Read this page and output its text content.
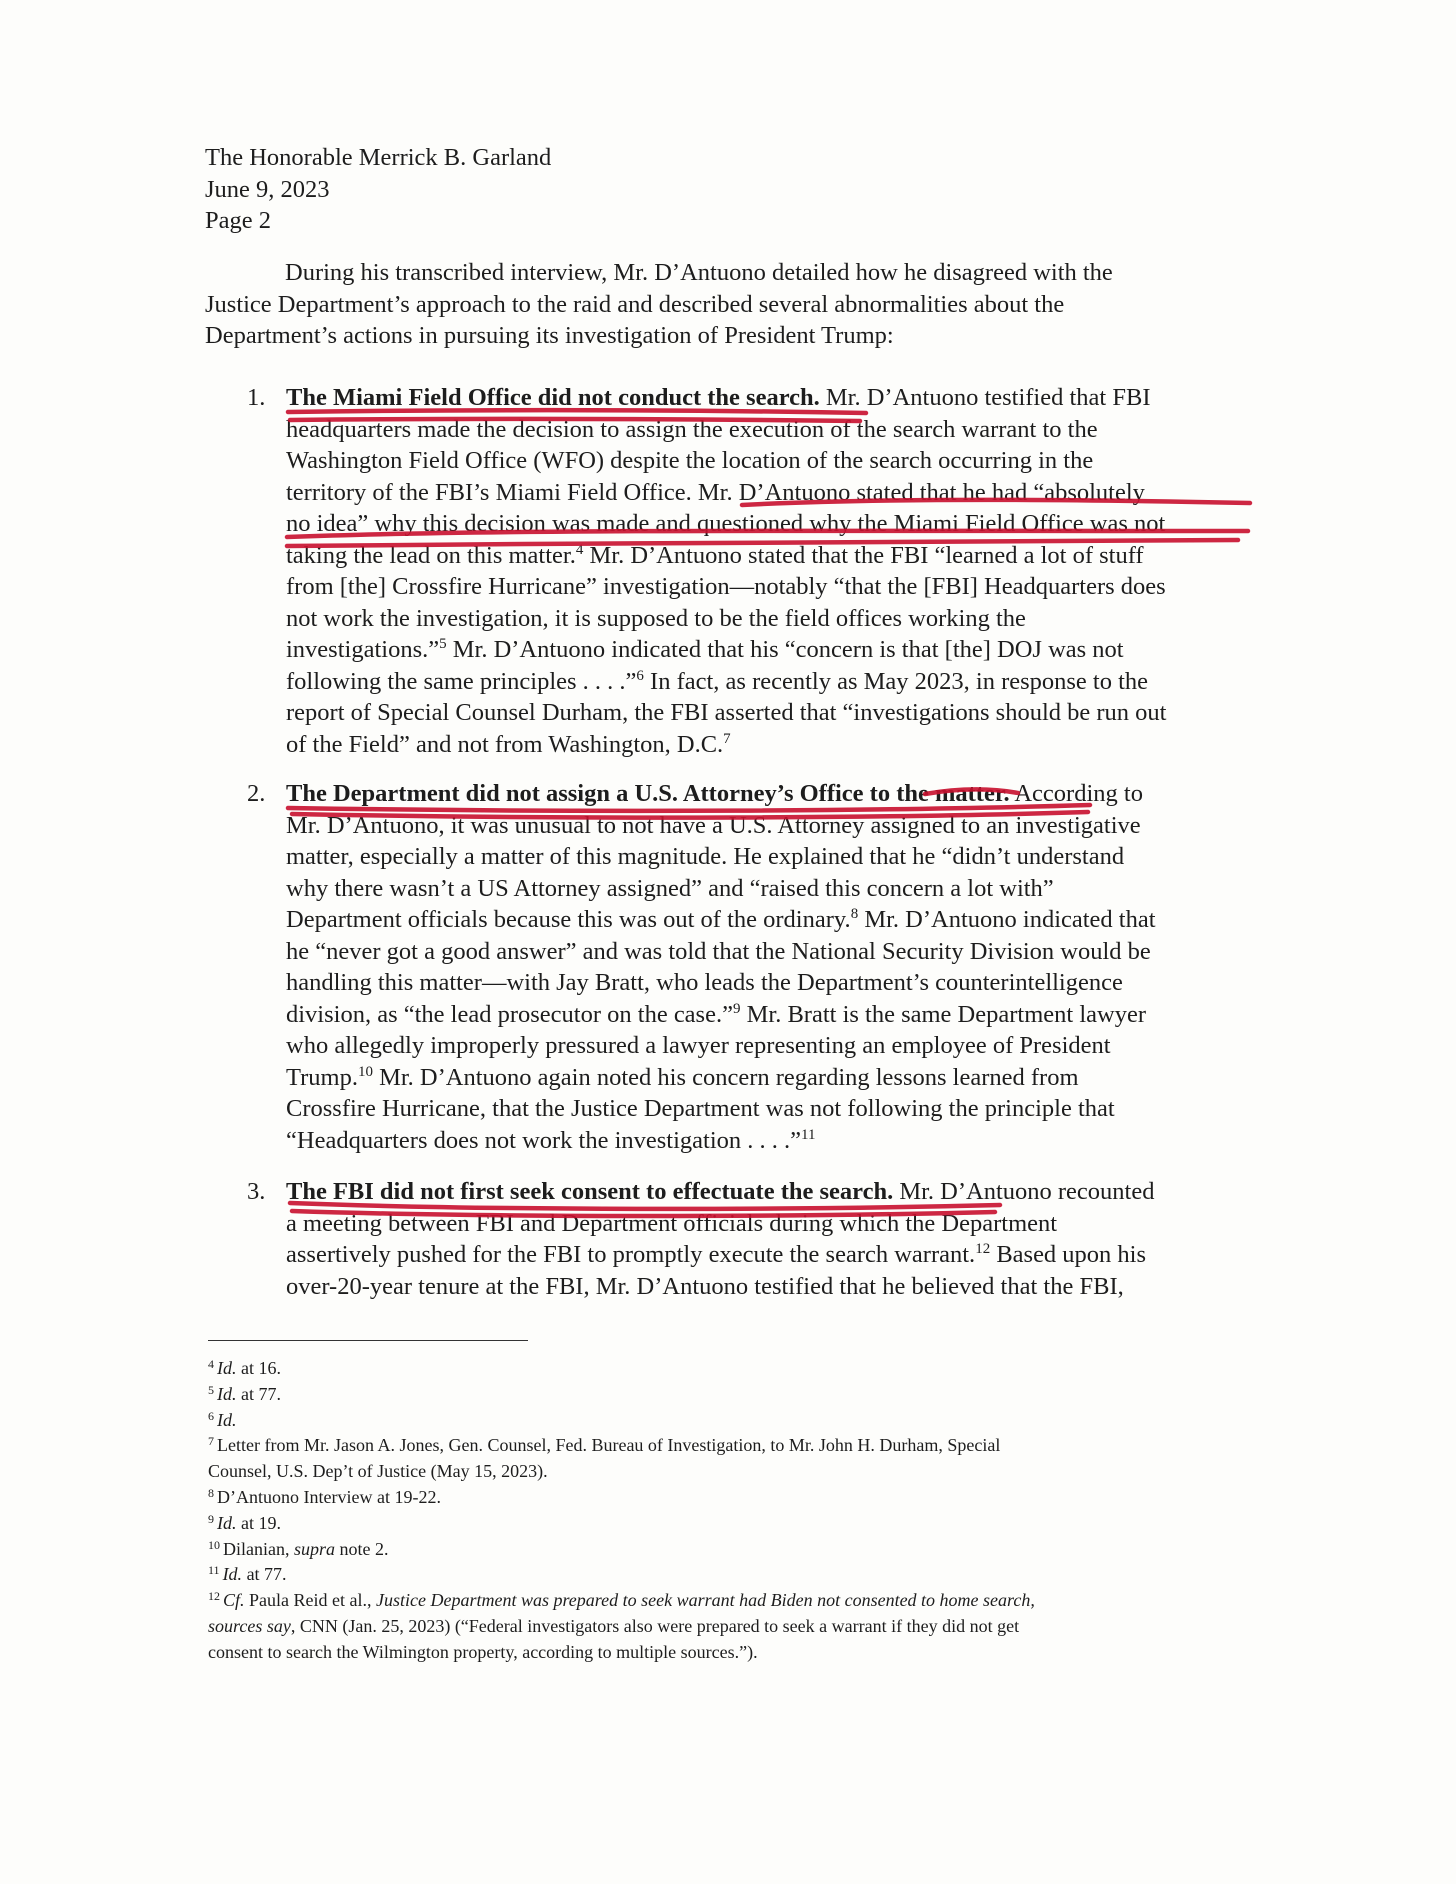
The Honorable Merrick B. Garland
June 9, 2023
Page 2
During his transcribed interview, Mr. D’Antuono detailed how he disagreed with the
Justice Department’s approach to the raid and described several abnormalities about the
Department’s actions in pursuing its investigation of President Trump:
1. The Miami Field Office did not conduct the search. Mr. D’Antuono testified that FBI
headquarters made the decision to assign the execution of the search warrant to the
Washington Field Office (WFO) despite the location of the search occurring in the
territory of the FBI’s Miami Field Office. Mr. D’Antuono stated that he had “absolutely
no idea” why this decision was made and questioned why the Miami Field Office was not
taking the lead on this matter.$^4$ Mr. D’Antuono stated that the FBI “learned a lot of stuff
from [the] Crossfire Hurricane” investigation—notably “that the [FBI] Headquarters does
not work the investigation, it is supposed to be the field offices working the
investigations.”$^5$ Mr. D’Antuono indicated that his “concern is that [the] DOJ was not
following the same principles . . . .”$^6$ In fact, as recently as May 2023, in response to the
report of Special Counsel Durham, the FBI asserted that “investigations should be run out
of the Field” and not from Washington, D.C.$^7$
2. The Department did not assign a U.S. Attorney’s Office to the matter. According to
Mr. D’Antuono, it was unusual to not have a U.S. Attorney assigned to an investigative
matter, especially a matter of this magnitude. He explained that he “didn’t understand
why there wasn’t a US Attorney assigned” and “raised this concern a lot with”
Department officials because this was out of the ordinary.$^8$ Mr. D’Antuono indicated that
he “never got a good answer” and was told that the National Security Division would be
handling this matter—with Jay Bratt, who leads the Department’s counterintelligence
division, as “the lead prosecutor on the case.”$^9$ Mr. Bratt is the same Department lawyer
who allegedly improperly pressured a lawyer representing an employee of President
Trump.$^{10}$ Mr. D’Antuono again noted his concern regarding lessons learned from
Crossfire Hurricane, that the Justice Department was not following the principle that
“Headquarters does not work the investigation . . . .”$^{11}$
3. The FBI did not first seek consent to effectuate the search. Mr. D’Antuono recounted
a meeting between FBI and Department officials during which the Department
assertively pushed for the FBI to promptly execute the search warrant.$^{12}$ Based upon his
over-20-year tenure at the FBI, Mr. D’Antuono testified that he believed that the FBI,
$^4$ Id. at 16.
$^5$ Id. at 77.
$^6$ Id.
$^7$ Letter from Mr. Jason A. Jones, Gen. Counsel, Fed. Bureau of Investigation, to Mr. John H. Durham, Special
Counsel, U.S. Dep’t of Justice (May 15, 2023).
$^8$ D’Antuono Interview at 19-22.
$^9$ Id. at 19.
$^{10}$ Dilanian, supra note 2.
$^{11}$ Id. at 77.
$^{12}$ Cf. Paula Reid et al., Justice Department was prepared to seek warrant had Biden not consented to home search,
sources say, CNN (Jan. 25, 2023) (“Federal investigators also were prepared to seek a warrant if they did not get
consent to search the Wilmington property, according to multiple sources.”).
